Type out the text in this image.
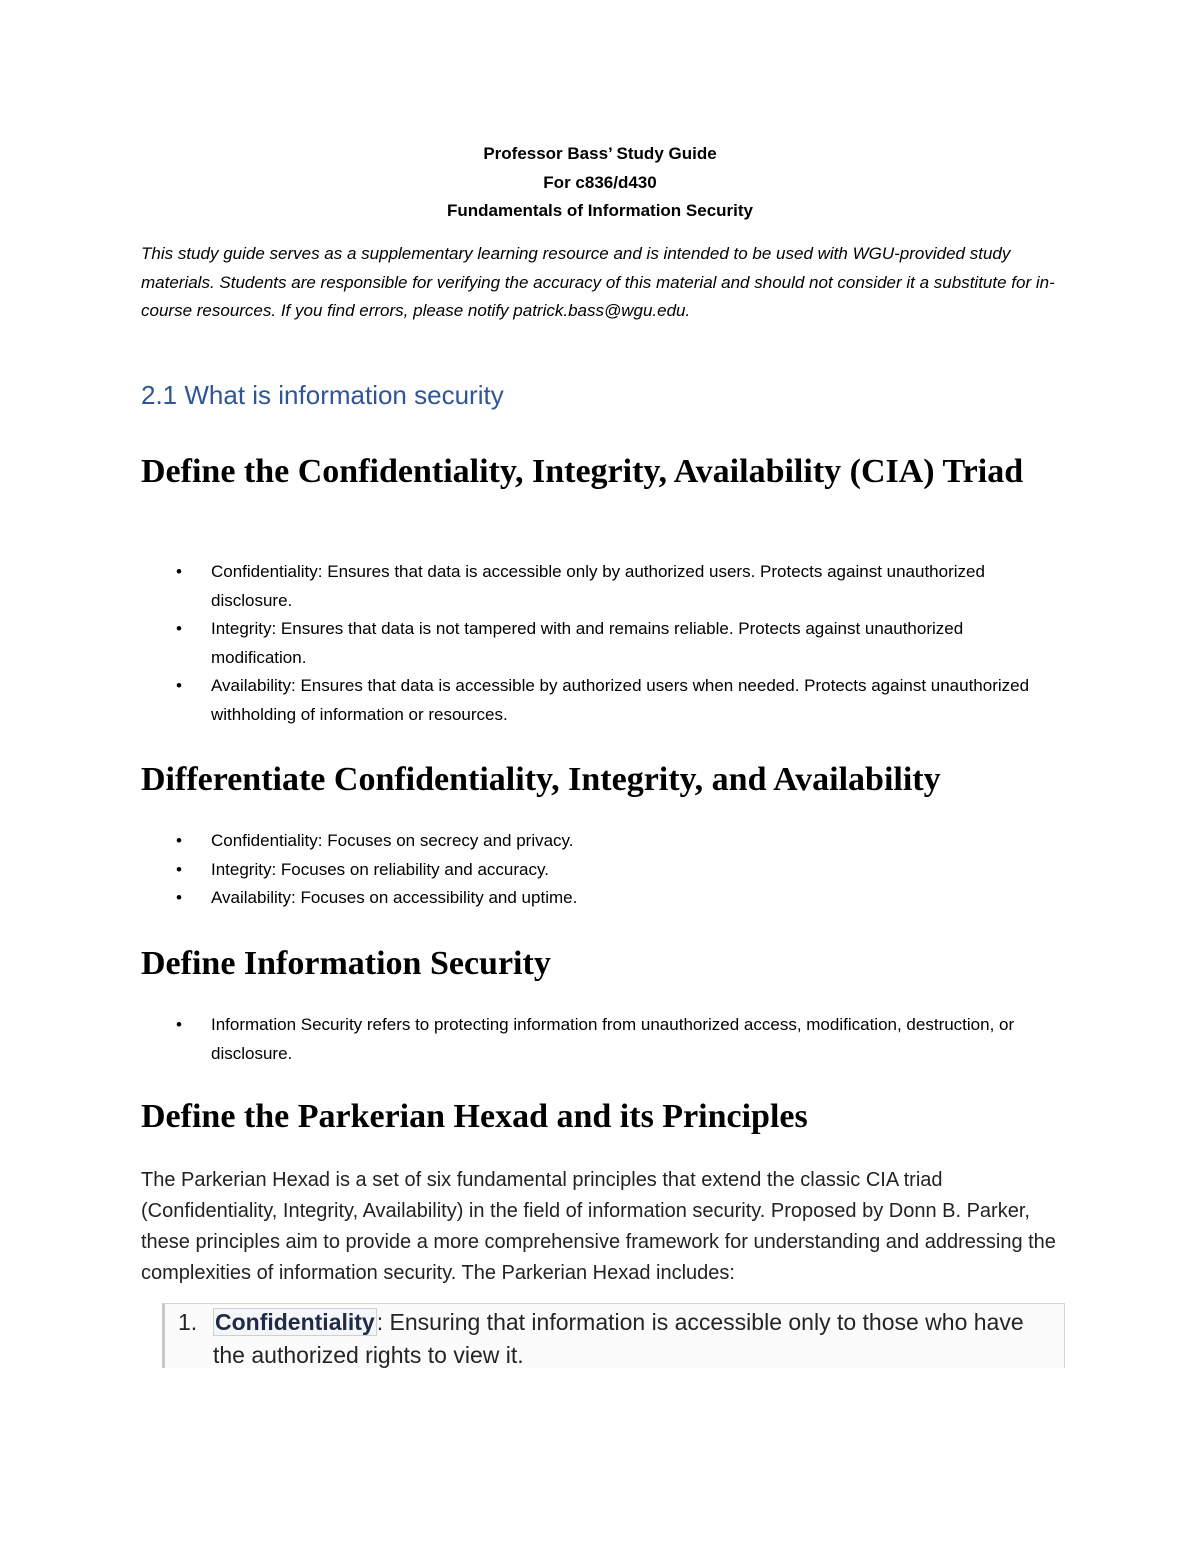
Professor Bass’ Study Guide
For c836/d430
Fundamentals of Information Security

This study guide serves as a supplementary learning resource and is intended to be used with WGU-provided study materials. Students are responsible for verifying the accuracy of this material and should not consider it a substitute for in-course resources. If you find errors, please notify patrick.bass@wgu.edu.

2.1 What is information security
Define the Confidentiality, Integrity, Availability (CIA) Triad
• Confidentiality: Ensures that data is accessible only by authorized users. Protects against unauthorized disclosure.
• Integrity: Ensures that data is not tampered with and remains reliable. Protects against unauthorized modification.
• Availability: Ensures that data is accessible by authorized users when needed. Protects against unauthorized withholding of information or resources.
Differentiate Confidentiality, Integrity, and Availability
• Confidentiality: Focuses on secrecy and privacy.
• Integrity: Focuses on reliability and accuracy.
• Availability: Focuses on accessibility and uptime.
Define Information Security
• Information Security refers to protecting information from unauthorized access, modification, destruction, or disclosure.
Define the Parkerian Hexad and its Principles

The Parkerian Hexad is a set of six fundamental principles that extend the classic CIA triad (Confidentiality, Integrity, Availability) in the field of information security. Proposed by Donn B. Parker, these principles aim to provide a more comprehensive framework for understanding and addressing the complexities of information security. The Parkerian Hexad includes:

1. Confidentiality: Ensuring that information is accessible only to those who have the authorized rights to view it.
